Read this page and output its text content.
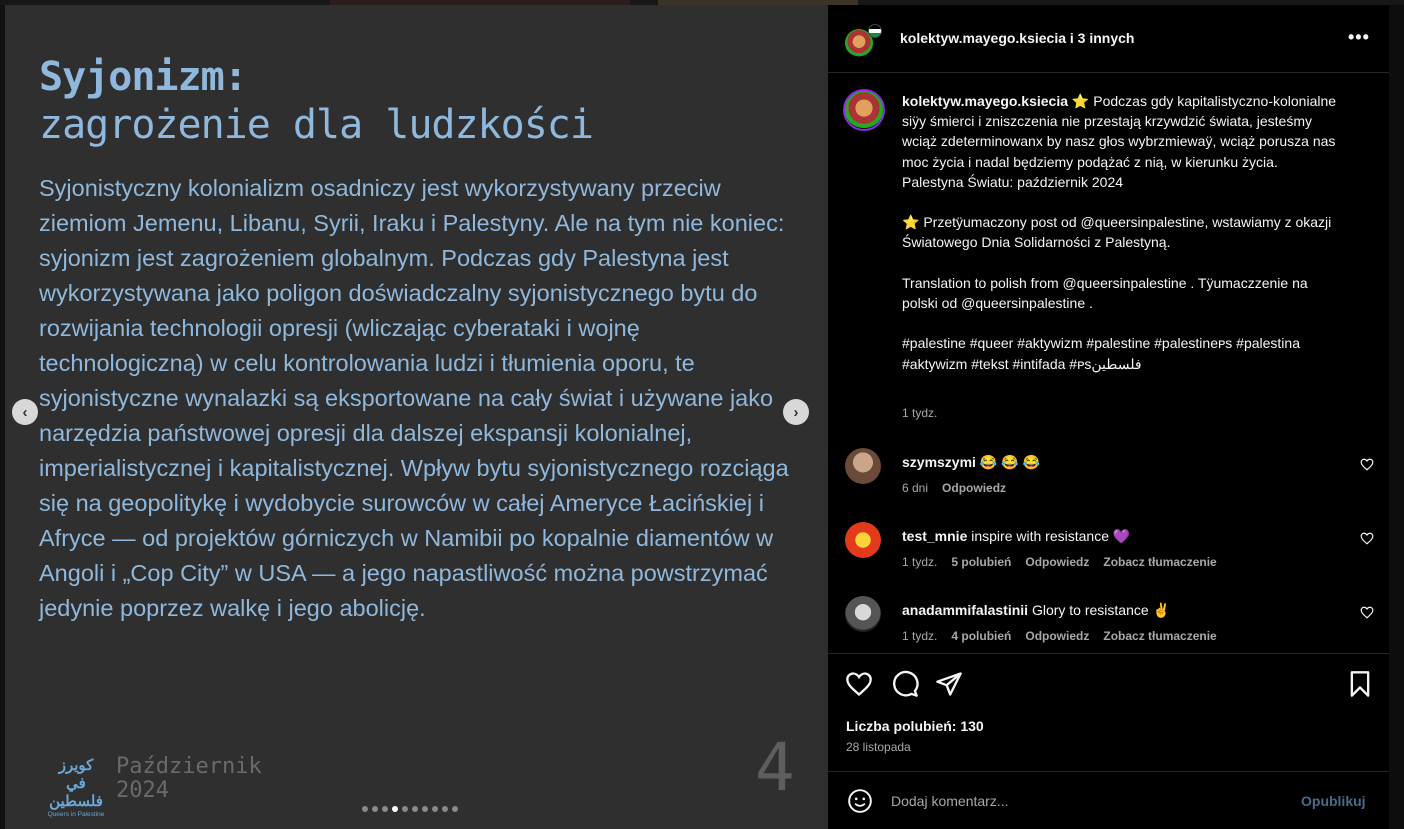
Syjonizm:
zagrożenie dla ludzkości
Syjonistyczny kolonializm osadniczy jest wykorzystywany przeciw ziemiom Jemenu, Libanu, Syrii, Iraku i Palestyny. Ale na tym nie koniec: syjonizm jest zagrożeniem globalnym. Podczas gdy Palestyna jest wykorzystywana jako poligon doświadczalny syjonistycznego bytu do rozwijania technologii opresji (wliczając cyberataki i wojnę technologiczną) w celu kontrolowania ludzi i tłumienia oporu, te syjonistyczne wynalazki są eksportowane na cały świat i używane jako narzędzia państwowej opresji dla dalszej ekspansji kolonialnej, imperialistycznej i kapitalistycznej. Wpływ bytu syjonistycznego rozciąga się na geopolitykę i wydobycie surowców w całej Ameryce Łacińskiej i Afryce — od projektów górniczych w Namibii po kopalnie diamentów w Angoli i „Cop City” w USA — a jego napastliwość można powstrzymać jedynie poprzez walkę i jego abolicję.
4
كويرز في فلسطين
Queers in Palestine
Październik
2024
‹	›
kolektyw.mayego.ksiecia i 3 innych	•••
kolektyw.mayego.ksiecia ⭐ Podczas gdy kapitalistyczno-kolonialne siÿy śmierci i zniszczenia nie przestają krzywdzić świata, jesteśmy wciąż zdeterminowanx by nasz głos wybrzmiewaÿ, wciąż porusza nas moc życia i nadal będziemy podążać z nią, w kierunku życia.
Palestyna Światu: październik 2024

⭐ Przetÿumaczony post od @queersinpalestine, wstawiamy z okazji Światowego Dnia Solidarności z Palestyną.

Translation to polish from @queersinpalestine . Tÿumaczzenie na polski od @queersinpalestine .

#palestine #queer #aktywizm #palestine #palestineᴘs #palestina #aktywizm #tekst #intifada #ᴘsفلسطين
1 tydz.
szymszymi 😂 😂 😂
6 dni Odpowiedz
test_mnie inspire with resistance 💜
1 tydz. 5 polubień Odpowiedz Zobacz tłumaczenie
anadammifalastinii Glory to resistance ✌
1 tydz. 4 polubień Odpowiedz Zobacz tłumaczenie
Liczba polubień: 130
28 listopada
Dodaj komentarz...
Opublikuj
